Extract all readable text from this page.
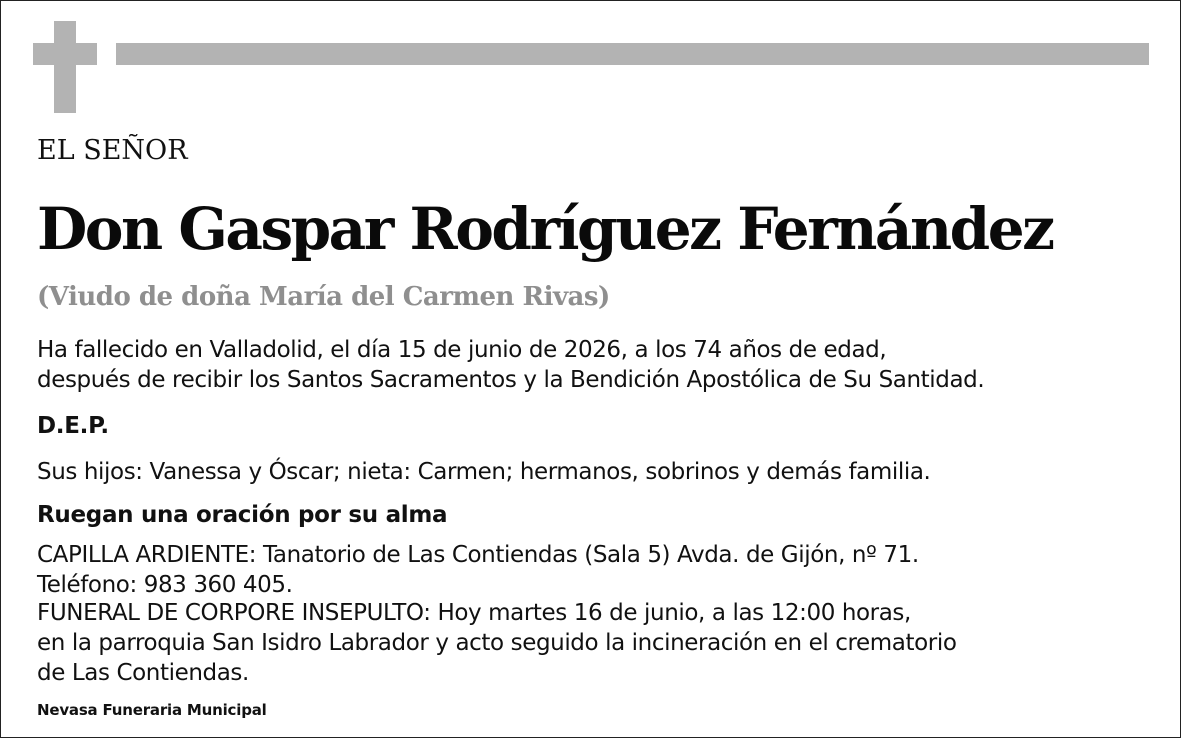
EL SEÑOR

Don Gaspar Rodríguez Fernández

(Viudo de doña María del Carmen Rivas)

Ha fallecido en Valladolid, el día 15 de junio de 2026, a los 74 años de edad,

después de recibir los Santos Sacramentos y la Bendición Apostólica de Su Santidad.

D.E.P.

Sus hijos: Vanessa y Óscar; nieta: Carmen; hermanos, sobrinos y demás familia.

Ruegan una oración por su alma

CAPILLA ARDIENTE: Tanatorio de Las Contiendas (Sala 5) Avda. de Gijón, nº 71.

Teléfono: 983 360 405.

FUNERAL DE CORPORE INSEPULTO: Hoy martes 16 de junio, a las 12:00 horas,

en la parroquia San Isidro Labrador y acto seguido la incineración en el crematorio

de Las Contiendas.

Nevasa Funeraria Municipal
